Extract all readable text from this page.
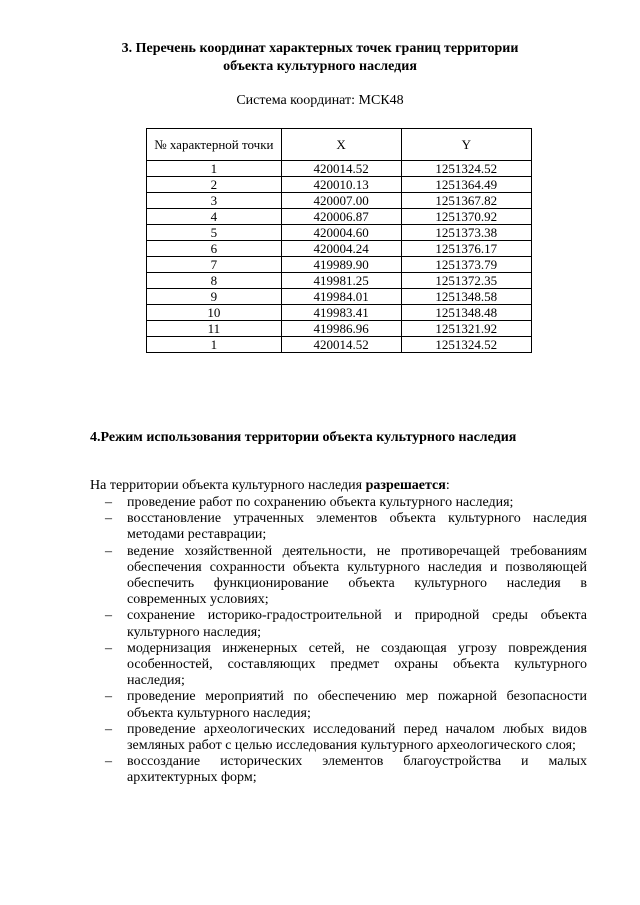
3. Перечень координат характерных точек границ территории объекта культурного наследия
Система координат: МСК48
№ характерной точки	X	Y
1	420014.52	1251324.52
2	420010.13	1251364.49
3	420007.00	1251367.82
4	420006.87	1251370.92
5	420004.60	1251373.38
6	420004.24	1251376.17
7	419989.90	1251373.79
8	419981.25	1251372.35
9	419984.01	1251348.58
10	419983.41	1251348.48
11	419986.96	1251321.92
1	420014.52	1251324.52
4.Режим использования территории объекта культурного наследия
На территории объекта культурного наследия разрешается:
– проведение работ по сохранению объекта культурного наследия;
– восстановление утраченных элементов объекта культурного наследия методами реставрации;
– ведение хозяйственной деятельности, не противоречащей требованиям обеспечения сохранности объекта культурного наследия и позволяющей обеспечить функционирование объекта культурного наследия в современных условиях;
– сохранение историко-градостроительной и природной среды объекта культурного наследия;
– модернизация инженерных сетей, не создающая угрозу повреждения особенностей, составляющих предмет охраны объекта культурного наследия;
– проведение мероприятий по обеспечению мер пожарной безопасности объекта культурного наследия;
– проведение археологических исследований перед началом любых видов земляных работ с целью исследования культурного археологического слоя;
– воссоздание исторических элементов благоустройства и малых архитектурных форм;
